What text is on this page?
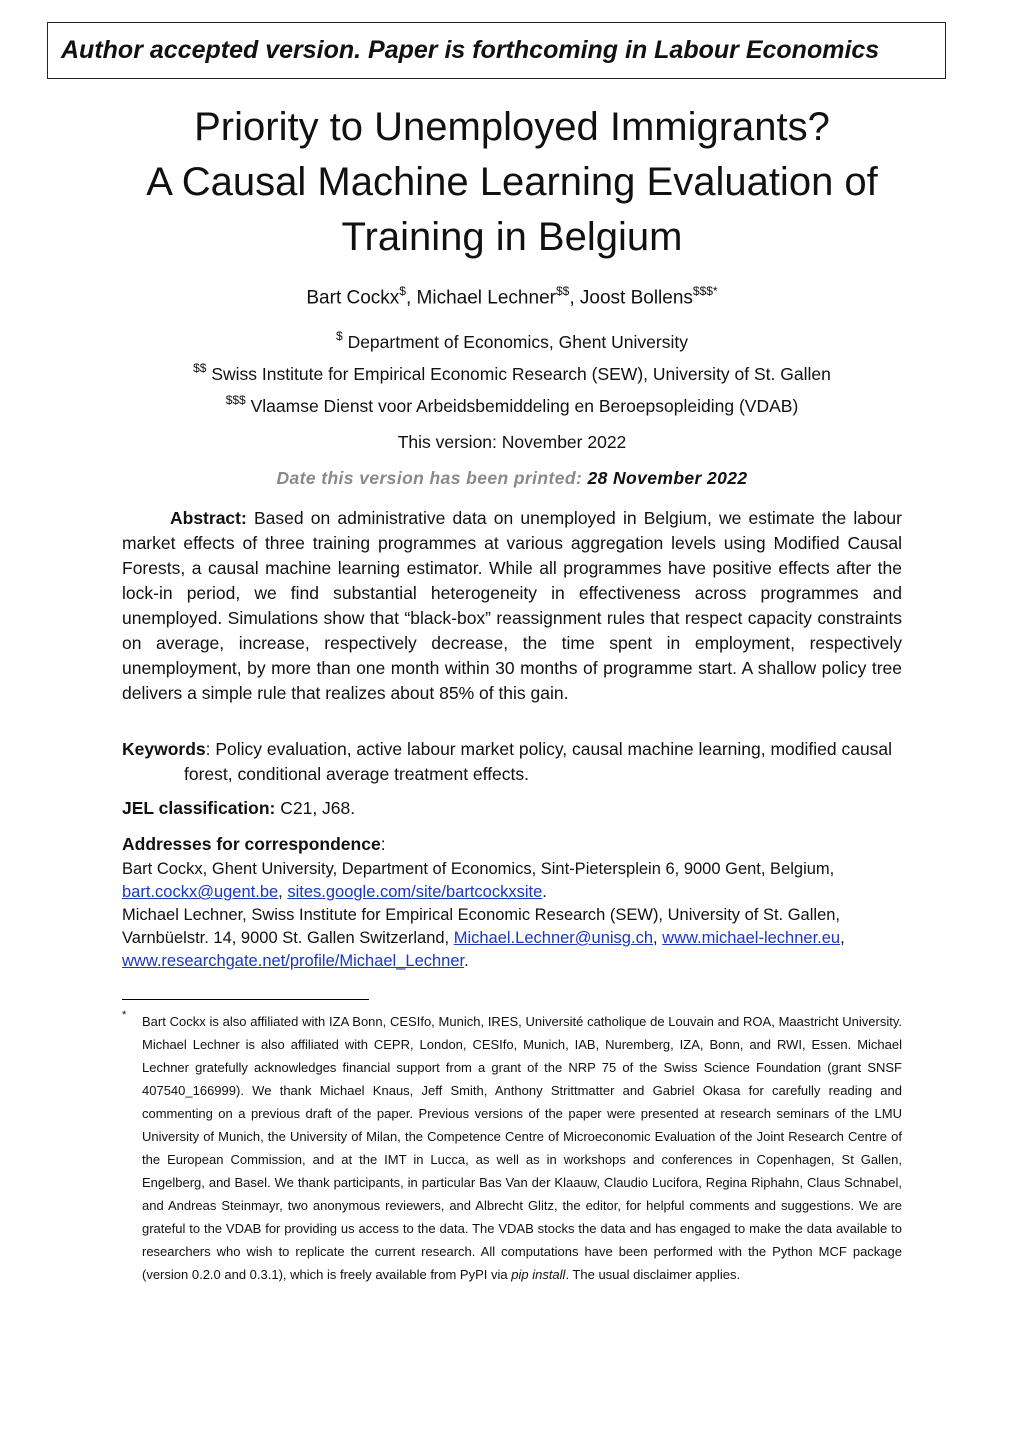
Author accepted version. Paper is forthcoming in Labour Economics
Priority to Unemployed Immigrants?
A Causal Machine Learning Evaluation of
Training in Belgium
Bart Cockx$, Michael Lechner$$, Joost Bollens$$$*
$ Department of Economics, Ghent University
$$ Swiss Institute for Empirical Economic Research (SEW), University of St. Gallen
$$$ Vlaamse Dienst voor Arbeidsbemiddeling en Beroepsopleiding (VDAB)
This version: November 2022
Date this version has been printed: 28 November 2022

Abstract: Based on administrative data on unemployed in Belgium, we estimate the labour market effects of three training programmes at various aggregation levels using Modified Causal Forests, a causal machine learning estimator. While all programmes have positive effects after the lock-in period, we find substantial heterogeneity in effectiveness across programmes and unemployed. Simulations show that “black-box” reassignment rules that respect capacity constraints on average, increase, respectively decrease, the time spent in employment, respectively unemployment, by more than one month within 30 months of programme start. A shallow policy tree delivers a simple rule that realizes about 85% of this gain.

Keywords: Policy evaluation, active labour market policy, causal machine learning, modified causal forest, conditional average treatment effects.
JEL classification: C21, J68.
Addresses for correspondence:
Bart Cockx, Ghent University, Department of Economics, Sint-Pietersplein 6, 9000 Gent, Belgium,
bart.cockx@ugent.be, sites.google.com/site/bartcockxsite.
Michael Lechner, Swiss Institute for Empirical Economic Research (SEW), University of St. Gallen,
Varnbüelstr. 14, 9000 St. Gallen Switzerland, Michael.Lechner@unisg.ch, www.michael-lechner.eu,
www.researchgate.net/profile/Michael_Lechner.
*	Bart Cockx is also affiliated with IZA Bonn, CESIfo, Munich, IRES, Université catholique de Louvain and ROA, Maastricht University. Michael Lechner is also affiliated with CEPR, London, CESIfo, Munich, IAB, Nuremberg, IZA, Bonn, and RWI, Essen. Michael Lechner gratefully acknowledges financial support from a grant of the NRP 75 of the Swiss Science Foundation (grant SNSF 407540_166999). We thank Michael Knaus, Jeff Smith, Anthony Strittmatter and Gabriel Okasa for carefully reading and commenting on a previous draft of the paper. Previous versions of the paper were presented at research seminars of the LMU University of Munich, the University of Milan, the Competence Centre of Microeconomic Evaluation of the Joint Research Centre of the European Commission, and at the IMT in Lucca, as well as in workshops and conferences in Copenhagen, St Gallen, Engelberg, and Basel. We thank participants, in particular Bas Van der Klaauw, Claudio Lucifora, Regina Riphahn, Claus Schnabel, and Andreas Steinmayr, two anonymous reviewers, and Albrecht Glitz, the editor, for helpful comments and suggestions. We are grateful to the VDAB for providing us access to the data. The VDAB stocks the data and has engaged to make the data available to researchers who wish to replicate the current research. All computations have been performed with the Python MCF package (version 0.2.0 and 0.3.1), which is freely available from PyPI via pip install. The usual disclaimer applies.
